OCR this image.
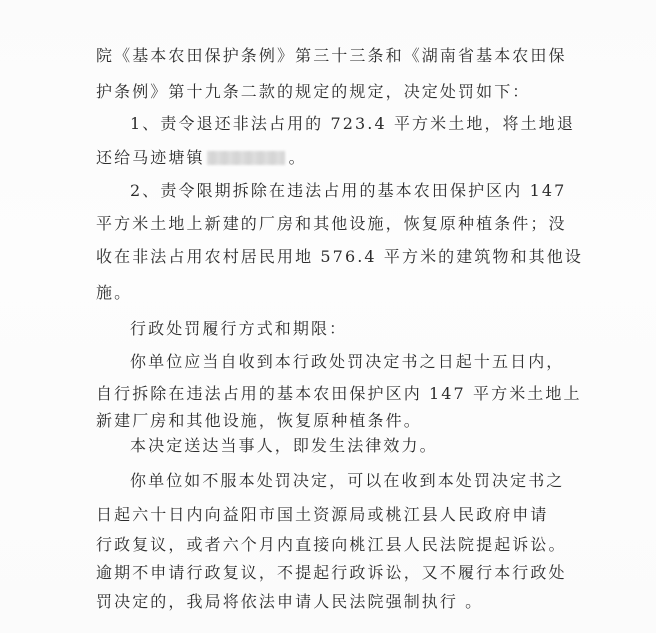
院《基本农田保护条例》第三十三条和《湖南省基本农田保
护条例》第十九条二款的规定的规定，决定处罚如下：
1、责令退还非法占用的 723.4 平方米土地，将土地退
还给马迹塘镇	。
2、责令限期拆除在违法占用的基本农田保护区内 147
平方米土地上新建的厂房和其他设施，恢复原种植条件；没
收在非法占用农村居民用地 576.4 平方米的建筑物和其他设
施。
行政处罚履行方式和期限：
你单位应当自收到本行政处罚决定书之日起十五日内，
自行拆除在违法占用的基本农田保护区内 147 平方米土地上
新建厂房和其他设施，恢复原种植条件。
本决定送达当事人，即发生法律效力。
你单位如不服本处罚决定，可以在收到本处罚决定书之
日起六十日内向益阳市国土资源局或桃江县人民政府申请
行政复议，或者六个月内直接向桃江县人民法院提起诉讼。
逾期不申请行政复议，不提起行政诉讼，又不履行本行政处
罚决定的，我局将依法申请人民法院强制执行 。
